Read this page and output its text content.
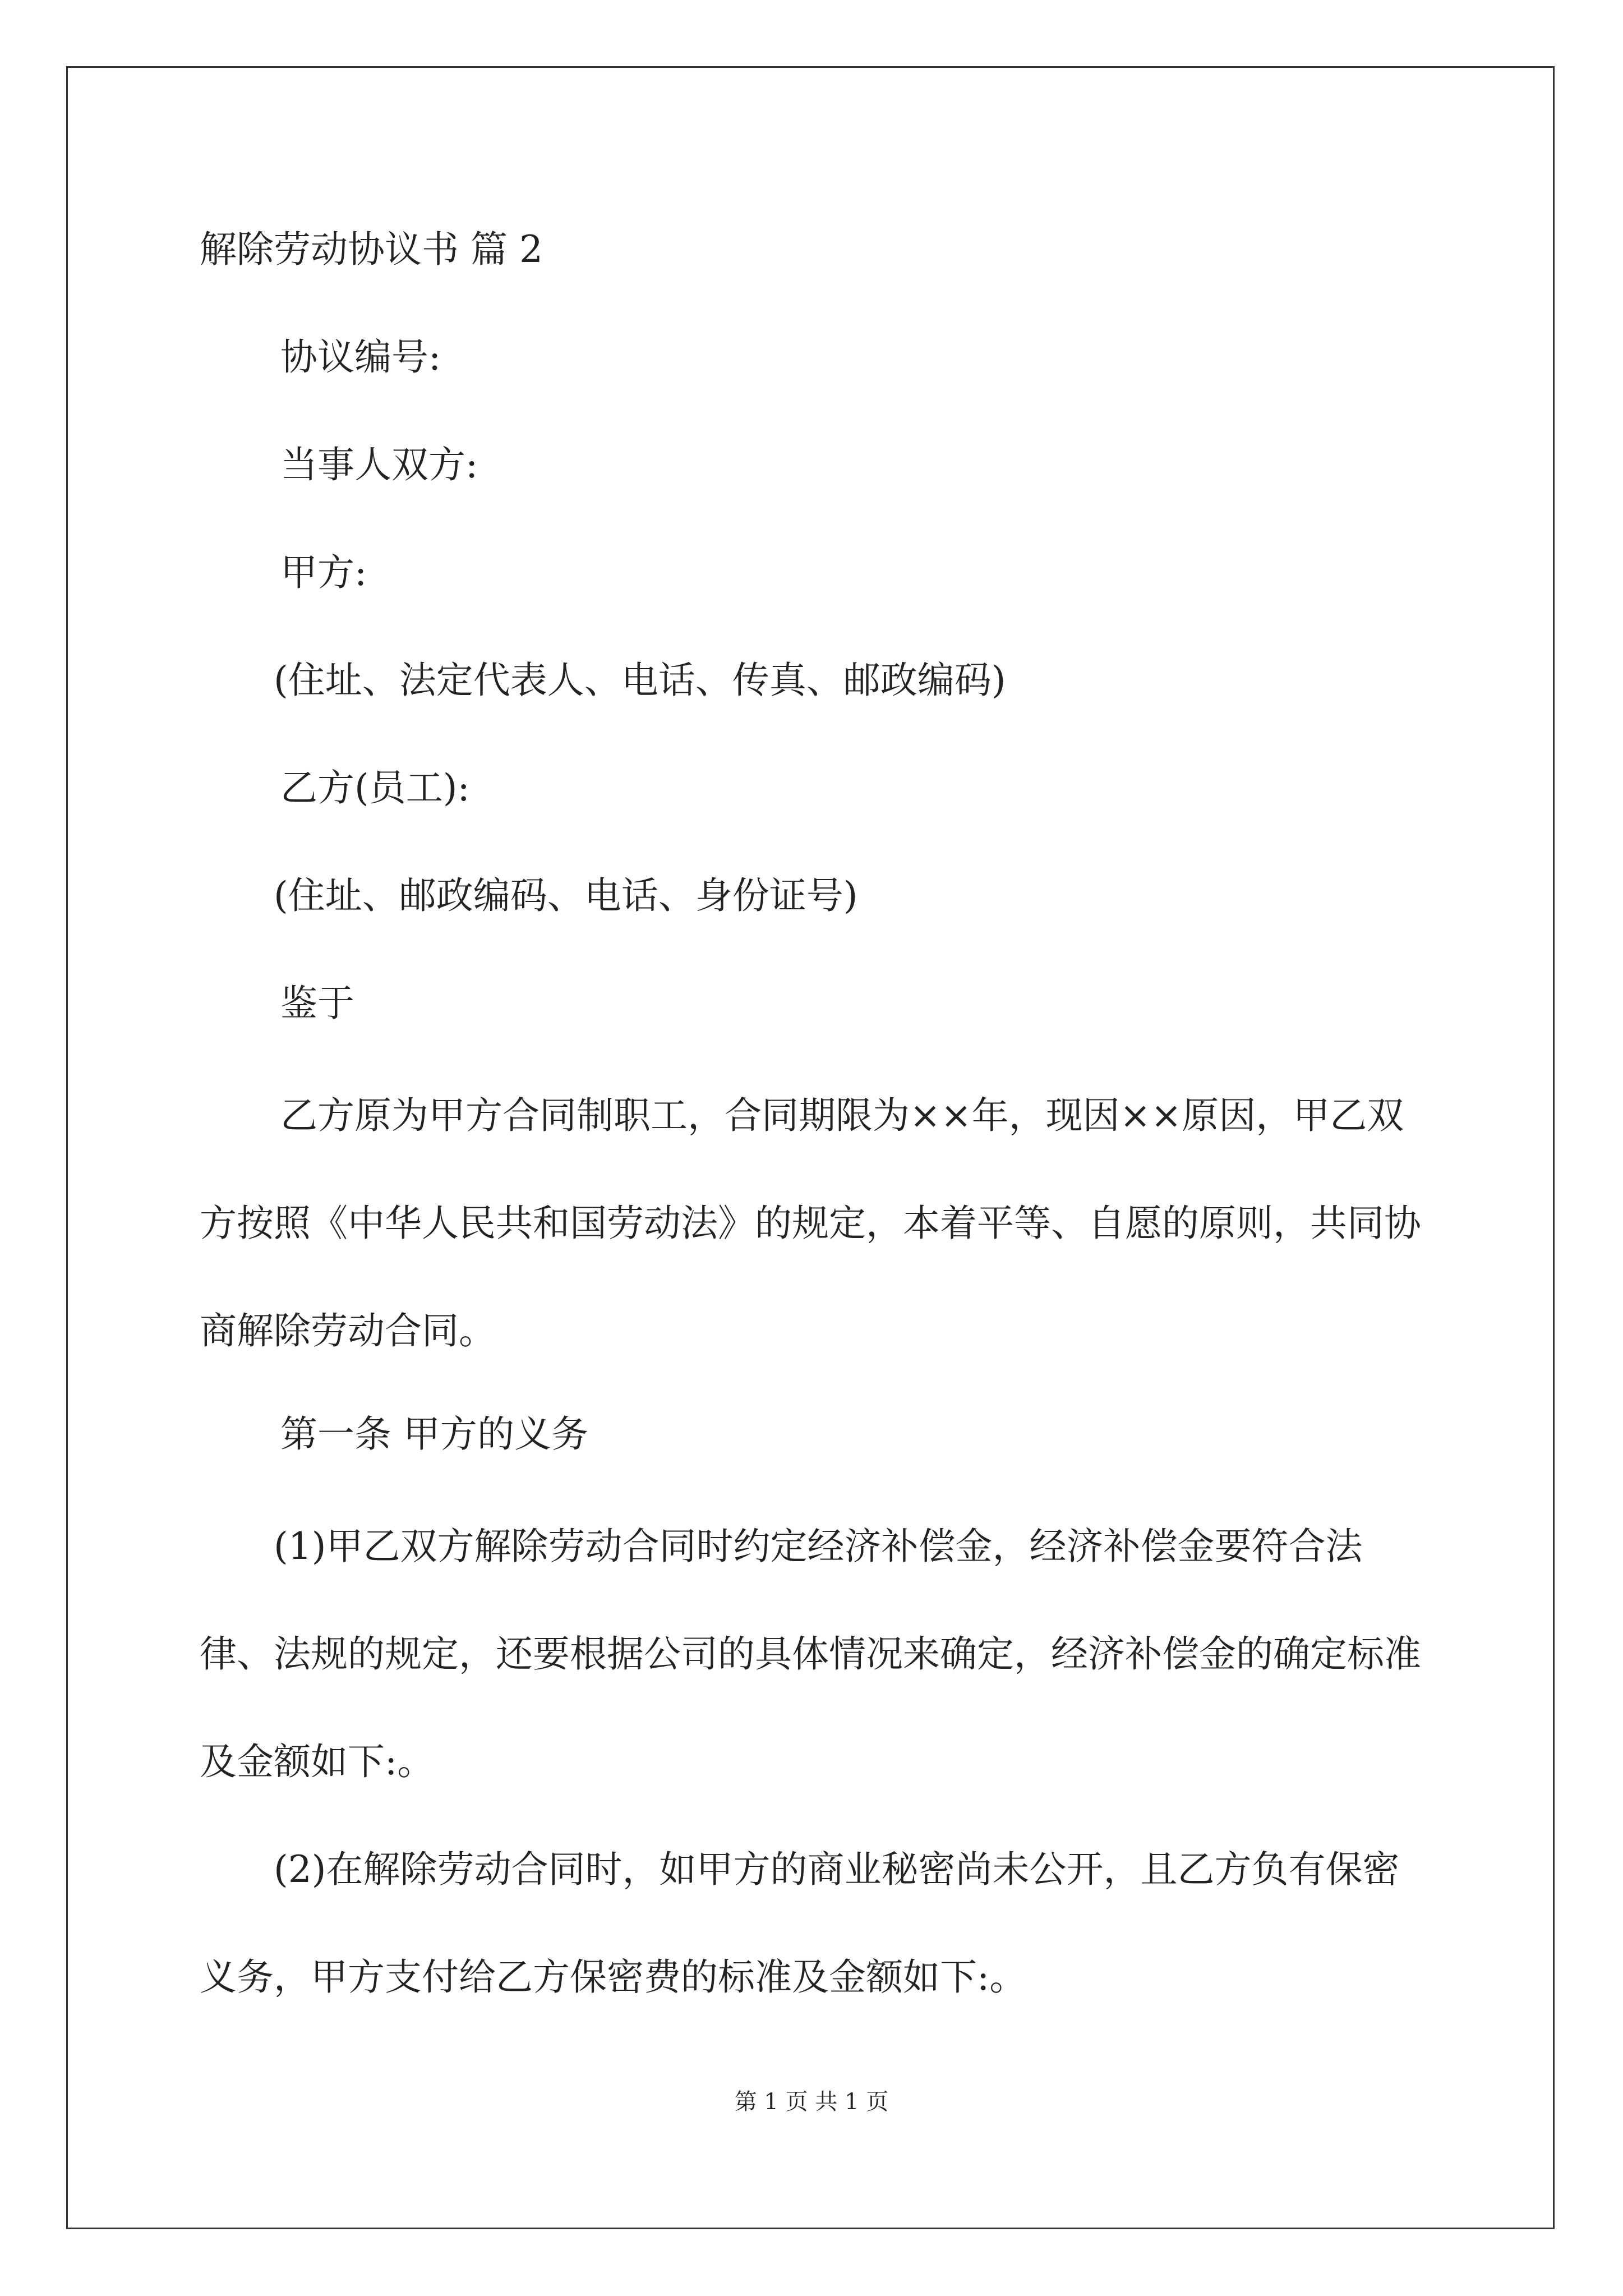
解除劳动协议书 篇 2

协议编号:

当事人双方:

甲方:

(住址、法定代表人、电话、传真、邮政编码)

乙方(员工):

(住址、邮政编码、电话、身份证号)

鉴于

乙方原为甲方合同制职工，合同期限为××年，现因××原因，甲乙双方按照《中华人民共和国劳动法》的规定，本着平等、自愿的原则，共同协商解除劳动合同。

第一条 甲方的义务

(1)甲乙双方解除劳动合同时约定经济补偿金，经济补偿金要符合法律、法规的规定，还要根据公司的具体情况来确定，经济补偿金的确定标准及金额如下:。

(2)在解除劳动合同时，如甲方的商业秘密尚未公开，且乙方负有保密义务，甲方支付给乙方保密费的标准及金额如下:。

第 1 页 共 1 页
